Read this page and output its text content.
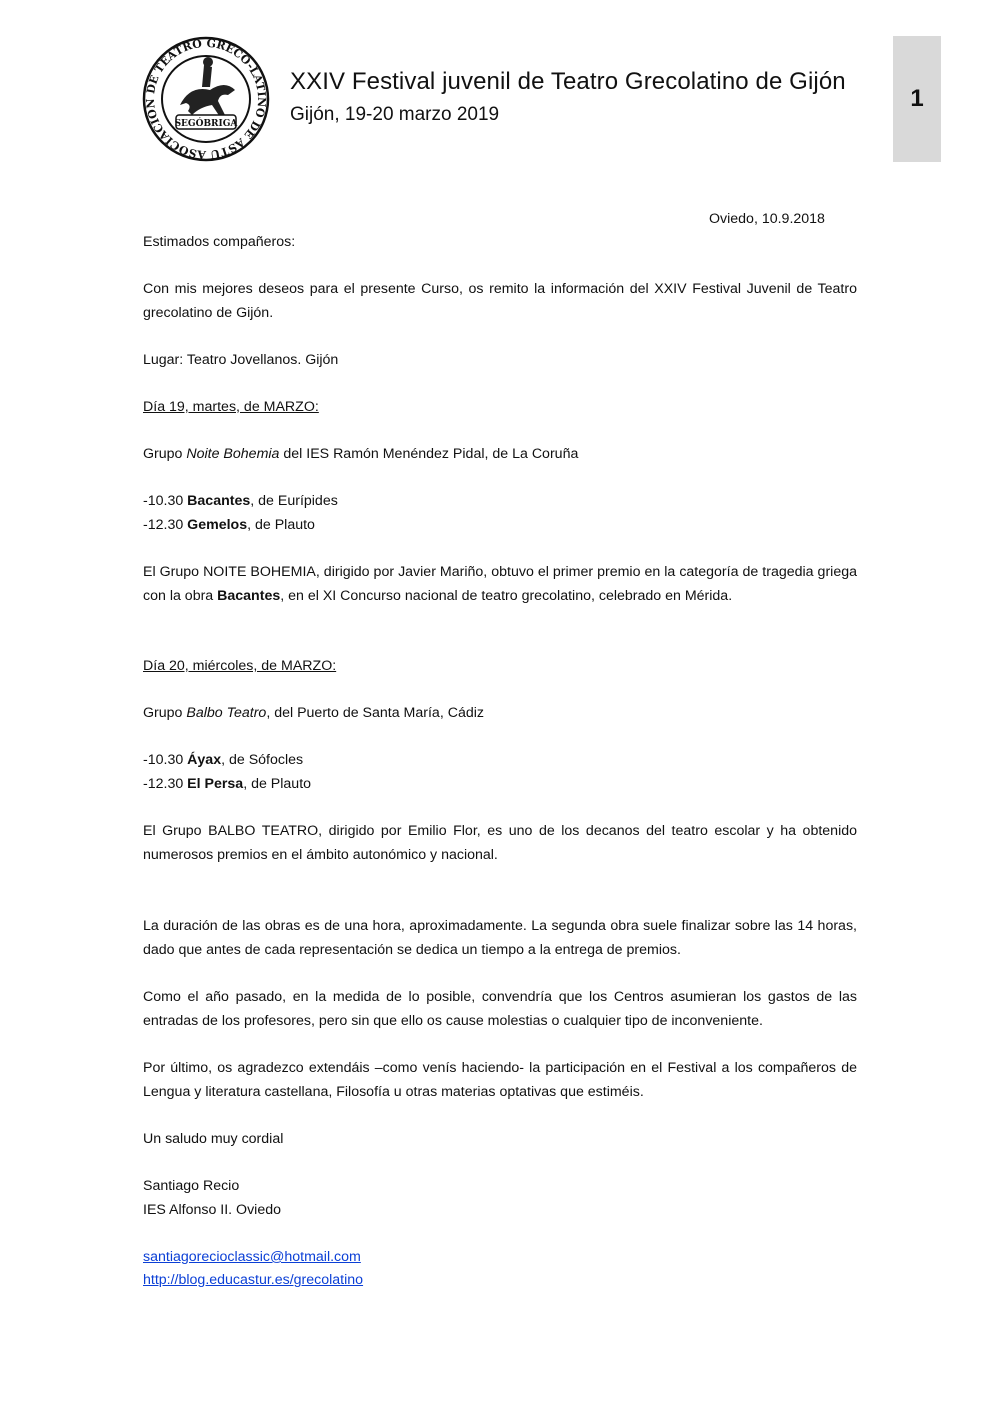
ASOCIACIÓN DE TEATRO GRECO-LATINO DE ASTU
SEGÓBRIGA
XXIV Festival juvenil de Teatro Grecolatino de Gijón
Gijón, 19-20 marzo 2019
1
Oviedo, 10.9.2018
Estimados compañeros:
Con mis mejores deseos para el presente Curso, os remito la información del XXIV Festival Juvenil de Teatro grecolatino de Gijón.
Lugar: Teatro Jovellanos. Gijón
Día 19, martes, de MARZO:
Grupo Noite Bohemia del IES Ramón Menéndez Pidal, de La Coruña
-10.30 Bacantes, de Eurípides
-12.30 Gemelos, de Plauto
El Grupo NOITE BOHEMIA, dirigido por Javier Mariño, obtuvo el primer premio en la categoría de tragedia griega con la obra Bacantes, en el XI Concurso nacional de teatro grecolatino, celebrado en Mérida.
Día 20, miércoles, de MARZO:
Grupo Balbo Teatro, del Puerto de Santa María, Cádiz
-10.30 Áyax, de Sófocles
-12.30 El Persa, de Plauto
El Grupo BALBO TEATRO, dirigido por Emilio Flor, es uno de los decanos del teatro escolar y ha obtenido numerosos premios en el ámbito autonómico y nacional.
La duración de las obras es de una hora, aproximadamente. La segunda obra suele finalizar sobre las 14 horas, dado que antes de cada representación se dedica un tiempo a la entrega de premios.
Como el año pasado, en la medida de lo posible, convendría que los Centros asumieran los gastos de las entradas de los profesores, pero sin que ello os cause molestias o cualquier tipo de inconveniente.
Por último, os agradezco extendáis –como venís haciendo- la participación en el Festival a los compañeros de Lengua y literatura castellana, Filosofía u otras materias optativas que estiméis.
Un saludo muy cordial
Santiago Recio
IES Alfonso II. Oviedo
santiagorecioclassic@hotmail.com
http://blog.educastur.es/grecolatino
